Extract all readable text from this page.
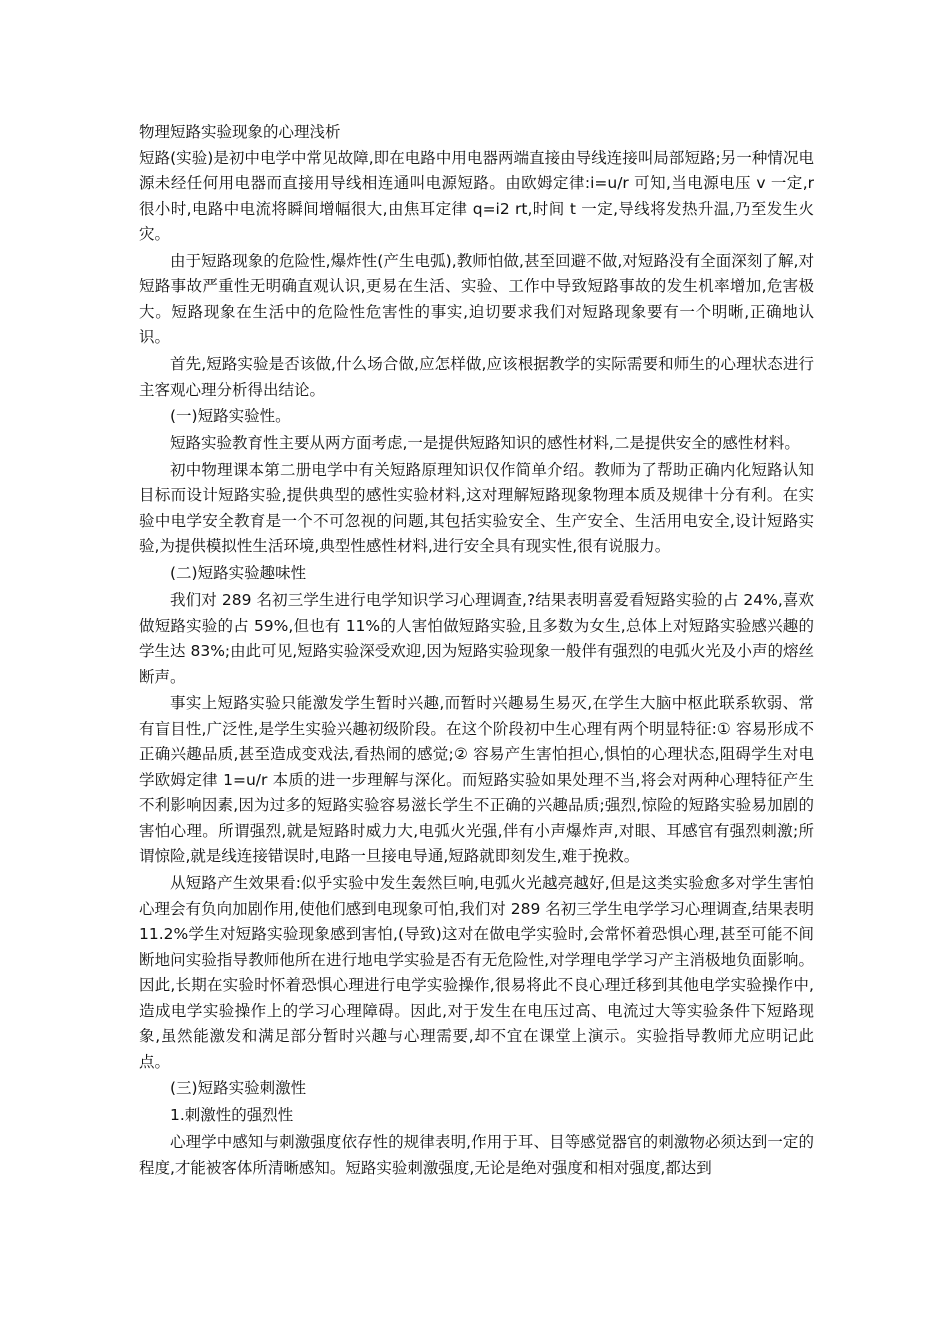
物理短路实验现象的心理浅析

短路(实验)是初中电学中常见故障,即在电路中用电器两端直接由导线连接叫局部短路;另一种情况电源未经任何用电器而直接用导线相连通叫电源短路。由欧姆定律:i=u/r 可知,当电源电压 v 一定,r 很小时,电路中电流将瞬间增幅很大,由焦耳定律 q=i2 rt,时间 t 一定,导线将发热升温,乃至发生火灾。

由于短路现象的危险性,爆炸性(产生电弧),教师怕做,甚至回避不做,对短路没有全面深刻了解,对短路事故严重性无明确直观认识,更易在生活、实验、工作中导致短路事故的发生机率增加,危害极大。短路现象在生活中的危险性危害性的事实,迫切要求我们对短路现象要有一个明晰,正确地认识。

首先,短路实验是否该做,什么场合做,应怎样做,应该根据教学的实际需要和师生的心理状态进行主客观心理分析得出结论。

(一)短路实验性。

短路实验教育性主要从两方面考虑,一是提供短路知识的感性材料,二是提供安全的感性材料。

初中物理课本第二册电学中有关短路原理知识仅作简单介绍。教师为了帮助正确内化短路认知目标而设计短路实验,提供典型的感性实验材料,这对理解短路现象物理本质及规律十分有利。在实验中电学安全教育是一个不可忽视的问题,其包括实验安全、生产安全、生活用电安全,设计短路实验,为提供模拟性生活环境,典型性感性材料,进行安全具有现实性,很有说服力。

(二)短路实验趣味性

我们对 289 名初三学生进行电学知识学习心理调查,?结果表明喜爱看短路实验的占 24%,喜欢做短路实验的占 59%,但也有 11%的人害怕做短路实验,且多数为女生,总体上对短路实验感兴趣的学生达 83%;由此可见,短路实验深受欢迎,因为短路实验现象一般伴有强烈的电弧火光及小声的熔丝断声。

事实上短路实验只能激发学生暂时兴趣,而暂时兴趣易生易灭,在学生大脑中枢此联系软弱、常有盲目性,广泛性,是学生实验兴趣初级阶段。在这个阶段初中生心理有两个明显特征:① 容易形成不正确兴趣品质,甚至造成变戏法,看热闹的感觉;② 容易产生害怕担心,惧怕的心理状态,阻碍学生对电学欧姆定律 1=u/r 本质的进一步理解与深化。而短路实验如果处理不当,将会对两种心理特征产生不利影响因素,因为过多的短路实验容易滋长学生不正确的兴趣品质;强烈,惊险的短路实验易加剧的害怕心理。所谓强烈,就是短路时威力大,电弧火光强,伴有小声爆炸声,对眼、耳感官有强烈刺激;所谓惊险,就是线连接错误时,电路一旦接电导通,短路就即刻发生,难于挽救。

从短路产生效果看:似乎实验中发生轰然巨响,电弧火光越亮越好,但是这类实验愈多对学生害怕心理会有负向加剧作用,使他们感到电现象可怕,我们对 289 名初三学生电学学习心理调查,结果表明 11.2%学生对短路实验现象感到害怕,(导致)这对在做电学实验时,会常怀着恐惧心理,甚至可能不间断地问实验指导教师他所在进行地电学实验是否有无危险性,对学理电学学习产主消极地负面影响。因此,长期在实验时怀着恐惧心理进行电学实验操作,很易将此不良心理迁移到其他电学实验操作中,造成电学实验操作上的学习心理障碍。因此,对于发生在电压过高、电流过大等实验条件下短路现象,虽然能激发和满足部分暂时兴趣与心理需要,却不宜在课堂上演示。实验指导教师尤应明记此点。

(三)短路实验刺激性

1.刺激性的强烈性

心理学中感知与刺激强度依存性的规律表明,作用于耳、目等感觉器官的刺激物必须达到一定的程度,才能被客体所清晰感知。短路实验刺激强度,无论是绝对强度和相对强度,都达到
